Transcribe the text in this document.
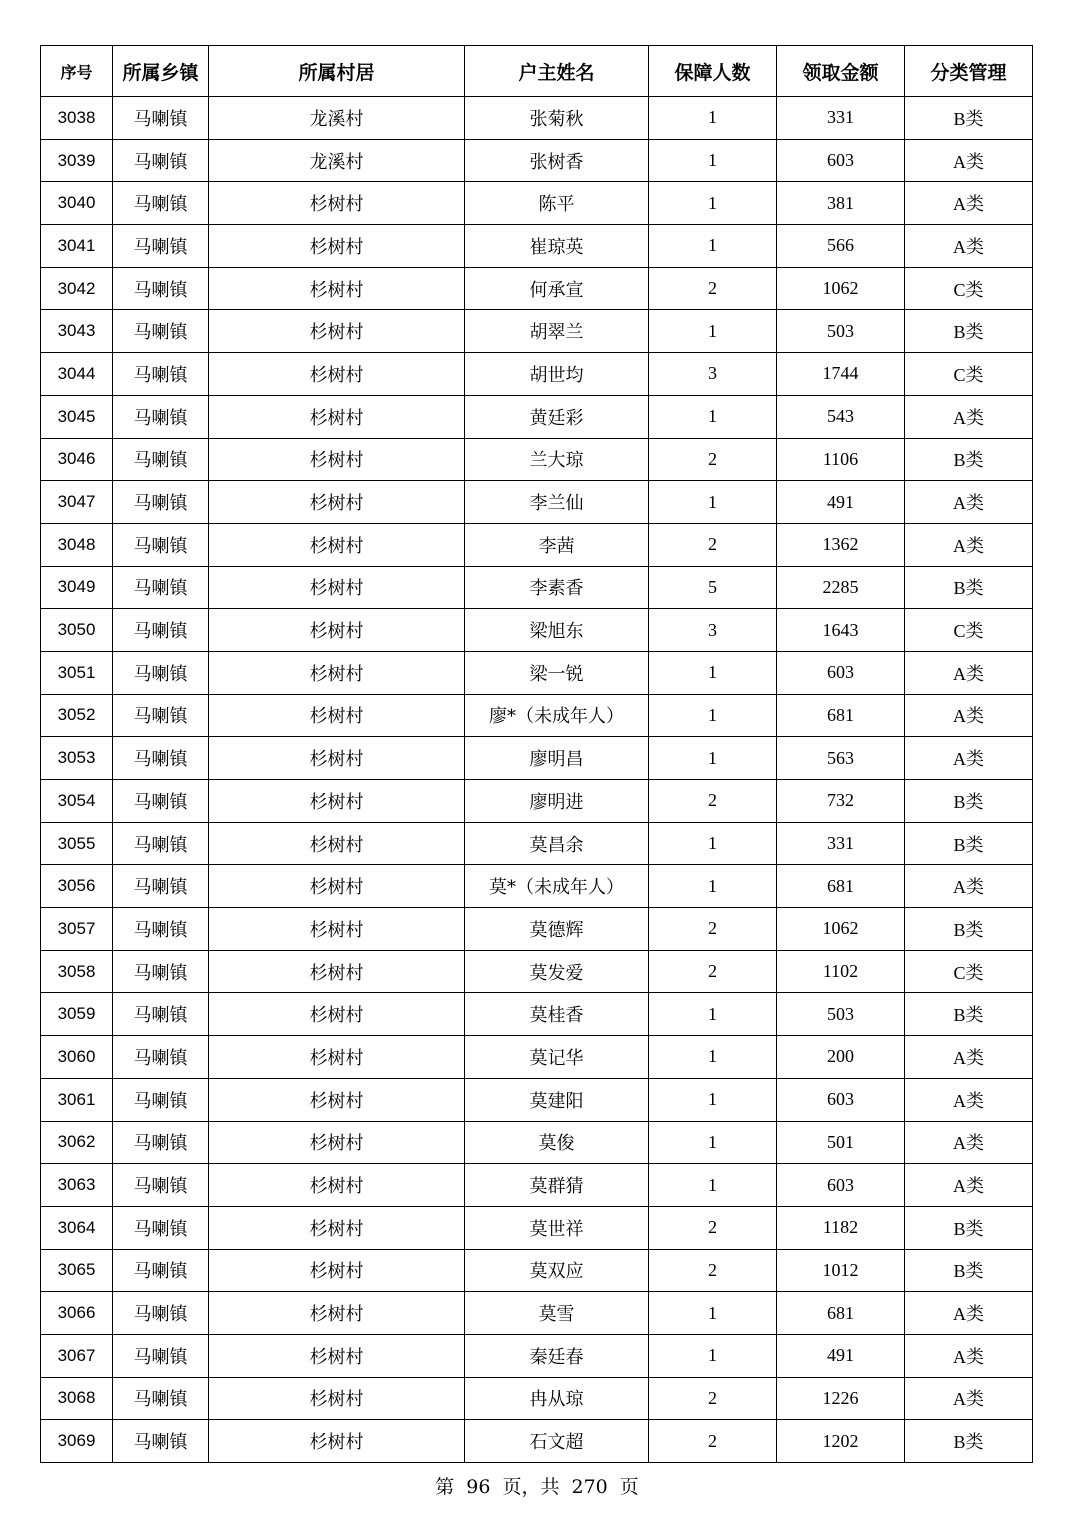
序号	所属乡镇	所属村居	户主姓名	保障人数	领取金额	分类管理
3038	马喇镇	龙溪村	张菊秋	1	331	B类
3039	马喇镇	龙溪村	张树香	1	603	A类
3040	马喇镇	杉树村	陈平	1	381	A类
3041	马喇镇	杉树村	崔琼英	1	566	A类
3042	马喇镇	杉树村	何承宣	2	1062	C类
3043	马喇镇	杉树村	胡翠兰	1	503	B类
3044	马喇镇	杉树村	胡世均	3	1744	C类
3045	马喇镇	杉树村	黄廷彩	1	543	A类
3046	马喇镇	杉树村	兰大琼	2	1106	B类
3047	马喇镇	杉树村	李兰仙	1	491	A类
3048	马喇镇	杉树村	李茜	2	1362	A类
3049	马喇镇	杉树村	李素香	5	2285	B类
3050	马喇镇	杉树村	梁旭东	3	1643	C类
3051	马喇镇	杉树村	梁一锐	1	603	A类
3052	马喇镇	杉树村	廖*（未成年人）	1	681	A类
3053	马喇镇	杉树村	廖明昌	1	563	A类
3054	马喇镇	杉树村	廖明进	2	732	B类
3055	马喇镇	杉树村	莫昌余	1	331	B类
3056	马喇镇	杉树村	莫*（未成年人）	1	681	A类
3057	马喇镇	杉树村	莫德辉	2	1062	B类
3058	马喇镇	杉树村	莫发爱	2	1102	C类
3059	马喇镇	杉树村	莫桂香	1	503	B类
3060	马喇镇	杉树村	莫记华	1	200	A类
3061	马喇镇	杉树村	莫建阳	1	603	A类
3062	马喇镇	杉树村	莫俊	1	501	A类
3063	马喇镇	杉树村	莫群猜	1	603	A类
3064	马喇镇	杉树村	莫世祥	2	1182	B类
3065	马喇镇	杉树村	莫双应	2	1012	B类
3066	马喇镇	杉树村	莫雪	1	681	A类
3067	马喇镇	杉树村	秦廷春	1	491	A类
3068	马喇镇	杉树村	冉从琼	2	1226	A类
3069	马喇镇	杉树村	石文超	2	1202	B类
第 96 页，共 270 页
